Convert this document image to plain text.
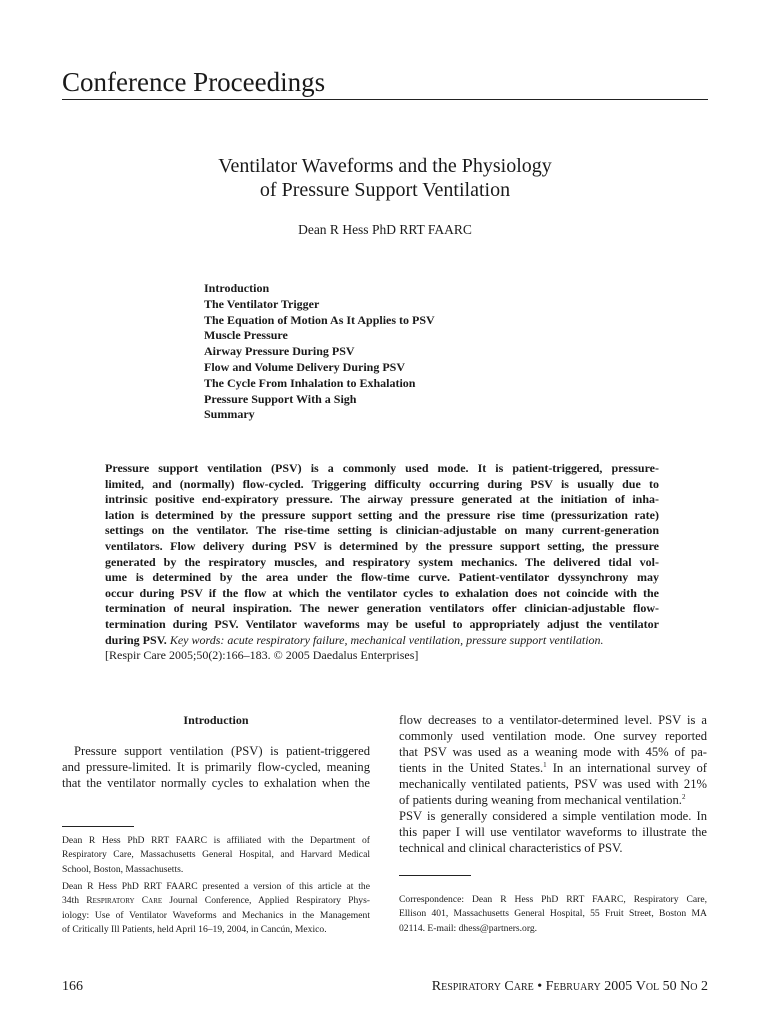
Conference Proceedings
Ventilator Waveforms and the Physiology
of Pressure Support Ventilation
Dean R Hess PhD RRT FAARC
Introduction
The Ventilator Trigger
The Equation of Motion As It Applies to PSV
Muscle Pressure
Airway Pressure During PSV
Flow and Volume Delivery During PSV
The Cycle From Inhalation to Exhalation
Pressure Support With a Sigh
Summary
Pressure support ventilation (PSV) is a commonly used mode. It is patient-triggered, pressure-
limited, and (normally) flow-cycled. Triggering difficulty occurring during PSV is usually due to
intrinsic positive end-expiratory pressure. The airway pressure generated at the initiation of inha-
lation is determined by the pressure support setting and the pressure rise time (pressurization rate)
settings on the ventilator. The rise-time setting is clinician-adjustable on many current-generation
ventilators. Flow delivery during PSV is determined by the pressure support setting, the pressure
generated by the respiratory muscles, and respiratory system mechanics. The delivered tidal vol-
ume is determined by the area under the flow-time curve. Patient-ventilator dyssynchrony may
occur during PSV if the flow at which the ventilator cycles to exhalation does not coincide with the
termination of neural inspiration. The newer generation ventilators offer clinician-adjustable flow-
termination during PSV. Ventilator waveforms may be useful to appropriately adjust the ventilator
during PSV. Key words: acute respiratory failure, mechanical ventilation, pressure support ventilation.
[Respir Care 2005;50(2):166–183. © 2005 Daedalus Enterprises]
Introduction
Pressure support ventilation (PSV) is patient-triggered
and pressure-limited. It is primarily flow-cycled, meaning
that the ventilator normally cycles to exhalation when the
flow decreases to a ventilator-determined level. PSV is a
commonly used ventilation mode. One survey reported
that PSV was used as a weaning mode with 45% of pa-
tients in the United States.$^1$ In an international survey of
mechanically ventilated patients, PSV was used with 21%
of patients during weaning from mechanical ventilation.$^2$
PSV is generally considered a simple ventilation mode. In
this paper I will use ventilator waveforms to illustrate the
technical and clinical characteristics of PSV.
Dean R Hess PhD RRT FAARC is affiliated with the Department of
Respiratory Care, Massachusetts General Hospital, and Harvard Medical
School, Boston, Massachusetts.
Dean R Hess PhD RRT FAARC presented a version of this article at the
34th Respiratory Care Journal Conference, Applied Respiratory Phys-
iology: Use of Ventilator Waveforms and Mechanics in the Management
of Critically Ill Patients, held April 16–19, 2004, in Cancún, Mexico.
Correspondence: Dean R Hess PhD RRT FAARC, Respiratory Care,
Ellison 401, Massachusetts General Hospital, 55 Fruit Street, Boston MA
02114. E-mail: dhess@partners.org.
166	Respiratory Care • February 2005 Vol 50 No 2
